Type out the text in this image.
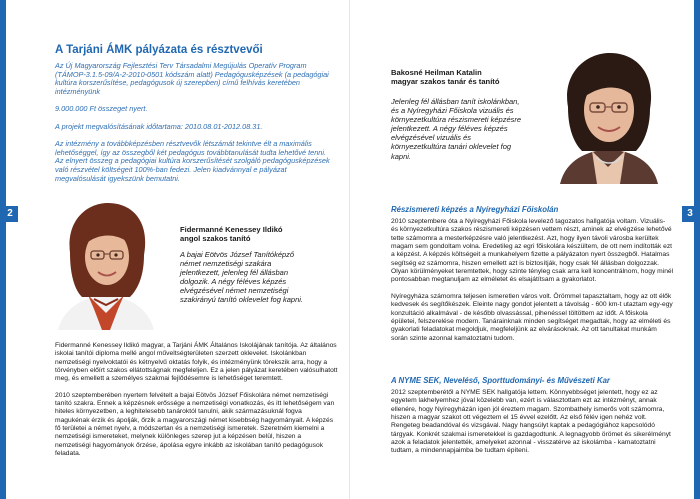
2	3
A Tarjáni ÁMK pályázata és résztvevői

Az Új Magyarország Fejlesztési Terv Társadalmi Megújulás Operatív Program (TÁMOP-3.1.5-09/A-2-2010-0501 kódszám alatt) Pedagógusképzések (a pedagógiai kultúra korszerűsítése, pedagógusok új szerepben) című felhívás keretében intézményünk

9.000.000 Ft összeget nyert.

A projekt megvalósításának időtartama: 2010.08.01-2012.08.31.

Az intézmény a továbbképzésben résztvevők létszámát tekintve élt a maximális lehetőséggel, így az összegből két pedagógus továbbtanulását tudta lehetővé tenni. Az elnyert összeg a pedagógiai kultúra korszerűsítését szolgáló pedagógusképzések való részvétel költségeit 100%-ban fedezi. Jelen kiadvánnyal e pályázat megvalósulását igyekszünk bemutatni.

Bakosné Heilman Katalin
magyar szakos tanár és tanító
Jelenleg fél állásban tanít iskolánkban, és a Nyíregyházi Főiskola vizuális és környezetkultúra részismereti képzésre jelentkezett. A négy féléves képzés elvégzésével vizuális és környezetkultúra tanári oklevelet fog kapni.
Fidermanné Kenessey Ildikó
angol szakos tanító
A bajai Eötvös József Tanítóképző német nemzetiségi szakára jelentkezett, jelenleg fél állásban dolgozik. A négy féléves képzés elvégzésével német nemzetiségi szakirányú tanító oklevelet fog kapni.

Fidermanné Kenessey Ildikó magyar, a Tarjáni ÁMK Általános Iskolájának tanítója. Az általános iskolai tanítói diploma mellé angol műveltségterületen szerzett oklevelet. Iskolánkban nemzetiségi nyelvoktatói és kétnyelvű oktatás folyik, és intézményünk törekszik arra, hogy a törvényben előírt szakos ellátottságnak megfeleljen. Ez a jelen pályázat keretében valósulhatott meg, és emellett a személyes szakmai fejlődésemre is lehetőséget teremtett.

2010 szeptemberében nyertem felvételt a bajai Eötvös József Főiskolára német nemzetiségi tanító szakra. Ennek a képzésnek erőssége a nemzetiségi vonatkozás, és itt lehetőségem van hiteles környezetben, a leghitelesebb tanároktól tanulni, akik származásuknál fogva magukénak érzik és ápolják, őrzik a magyarországi német kisebbség hagyományait. A képzés fő területei a német nyelv, a módszertan és a nemzetiségi ismeretek. Szeretném kiemelni a nemzetiségi ismereteket, melynek különleges szerep jut a képzésen belül, hiszen a nemzetiségi hagyományok őrzése, ápolása egyre inkább az iskolában tanító pedagógusok feladata.

Részismereti képzés a Nyíregyházi Főiskolán

2010 szeptembere óta a Nyíregyházi Főiskola levelező tagozatos hallgatója voltam. Vizuális- és környezetkultúra szakos részismereti képzésen vettem részt, aminek az elvégzése lehetővé tette számomra a mesterképzésre való jelentkezést. Azt, hogy ilyen távoli városba kerültek magam sem gondoltam volna. Eredetileg az egri főiskolára készültem, de ott nem indították ezt a képzést. A képzés költségeit a munkahelyem fizette a pályázaton nyert összegből. Hatalmas segítség ez számomra, hiszen emellett azt is biztosítják, hogy csak fél állásban dolgozzak. Olyan körülményeket teremtettek, hogy szinte tényleg csak arra kell koncentrálnom, hogy minél pontosabban megtanuljam az elméletet és elsajátítsam a gyakorlatot.

Nyíregyháza számomra teljesen ismeretlen város volt. Örömmel tapasztaltam, hogy az ott élők kedvesek és segítőkészek. Eleinte nagy gondot jelentett a távolság - 600 km-t utaztam egy-egy konzultáció alkalmával - de később olvassással, pihenéssel töltöttem az időt. A főiskola épületei, felszerelése modern. Tanárainknak minden segítséget megadtak, hogy az elméleti és gyakorlati feladatokat megoldjuk, megfeleljünk az elvárásoknak. Az ott tanultakat munkám során szinte azonnal kamatoztatni tudom.

A NYME SEK, Neveléső, Sporttudományi- és Művészeti Kar

2012 szeptemberétől a NYME SEK hallgatója lettem. Könnyebbséget jelentett, hogy ez az egyetem lakhelyemhez jóval közelebb van, ezért is választottam ezt az intézményt, annak ellenére, hogy Nyíregyházán igen jól éreztem magam. Szombathely ismerős volt számomra, hiszen a magyar szakot ott végeztem el 15 évvel ezelőtt. Az első félév igen nehéz volt. Rengeteg beadandóval és vizsgával. Nagy hangsúlyt kaptak a pedagógiához kapcsolódó tárgyak. Konkrét szakmai ismeretekkel is gazdagodtunk. A legnagyobb örömet és sikerélményt azok a feladatok jelentették, amelyeket azonnal - visszatérve az iskolámba - kamatoztatni tudtam, a mindennapjaimba be tudtam építeni.
